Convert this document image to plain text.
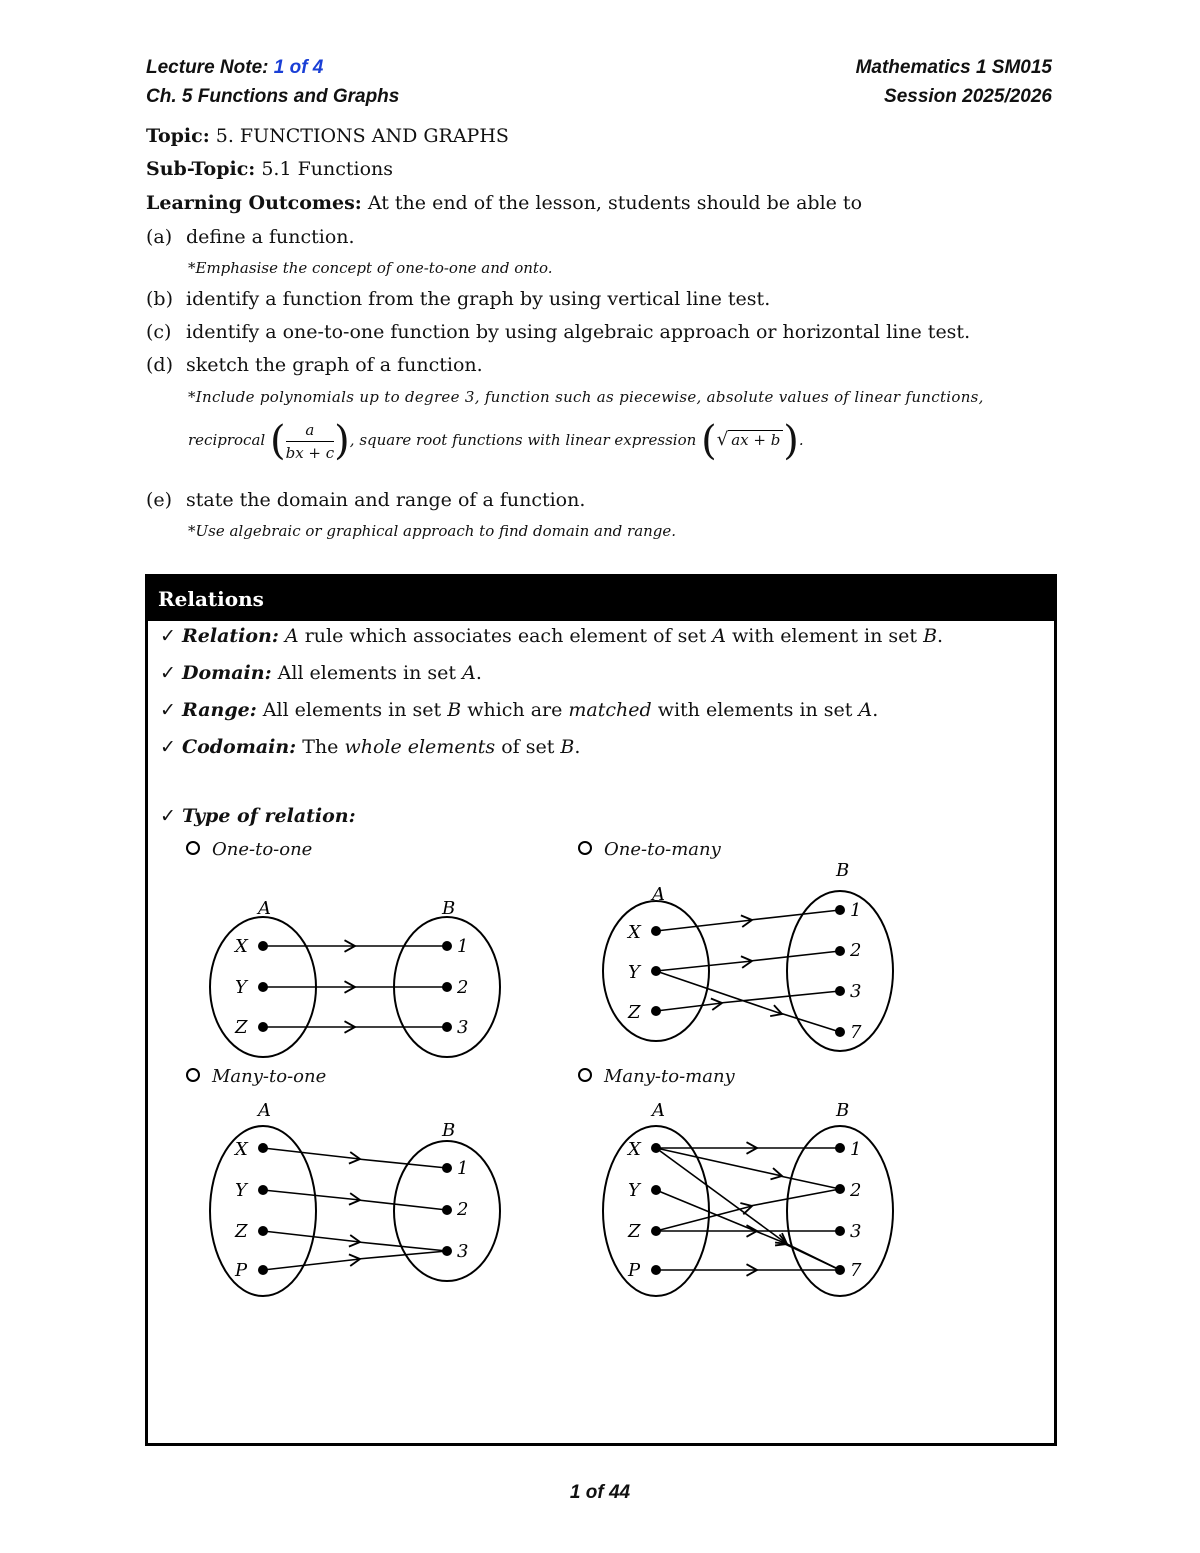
Lecture Note: 1 of 4
Ch. 5 Functions and Graphs
Mathematics 1 SM015
Session 2025/2026
Topic: 5. FUNCTIONS AND GRAPHS
Sub-Topic: 5.1 Functions
Learning Outcomes: At the end of the lesson, students should be able to
(a) define a function.
*Emphasise the concept of one-to-one and onto.
(b) identify a function from the graph by using vertical line test.
(c) identify a one-to-one function by using algebraic approach or horizontal line test.
(d) sketch the graph of a function.
*Include polynomials up to degree 3, function such as piecewise, absolute values of linear functions,
reciprocal ( $\frac{a}{bx + c}$ ), square root functions with linear expression (√ ax + b).
(e) state the domain and range of a function.
*Use algebraic or graphical approach to find domain and range.
Relations
✓ Relation: A rule which associates each element of set A with element in set B.
✓ Domain: All elements in set A.
✓ Range: All elements in set B which are matched with elements in set A.
✓ Codomain: The whole elements of set B.
✓ Type of relation:
One-to-one	One-to-many
Many-to-one	Many-to-many
A	B
X
Y
Z
1
2
3
A
B
X
Y
Z
1
2
3
7
A
B
X
Y
Z
P
1
2
3
A	B
X
Y
Z
P
1
2
3
7
1 of 44
